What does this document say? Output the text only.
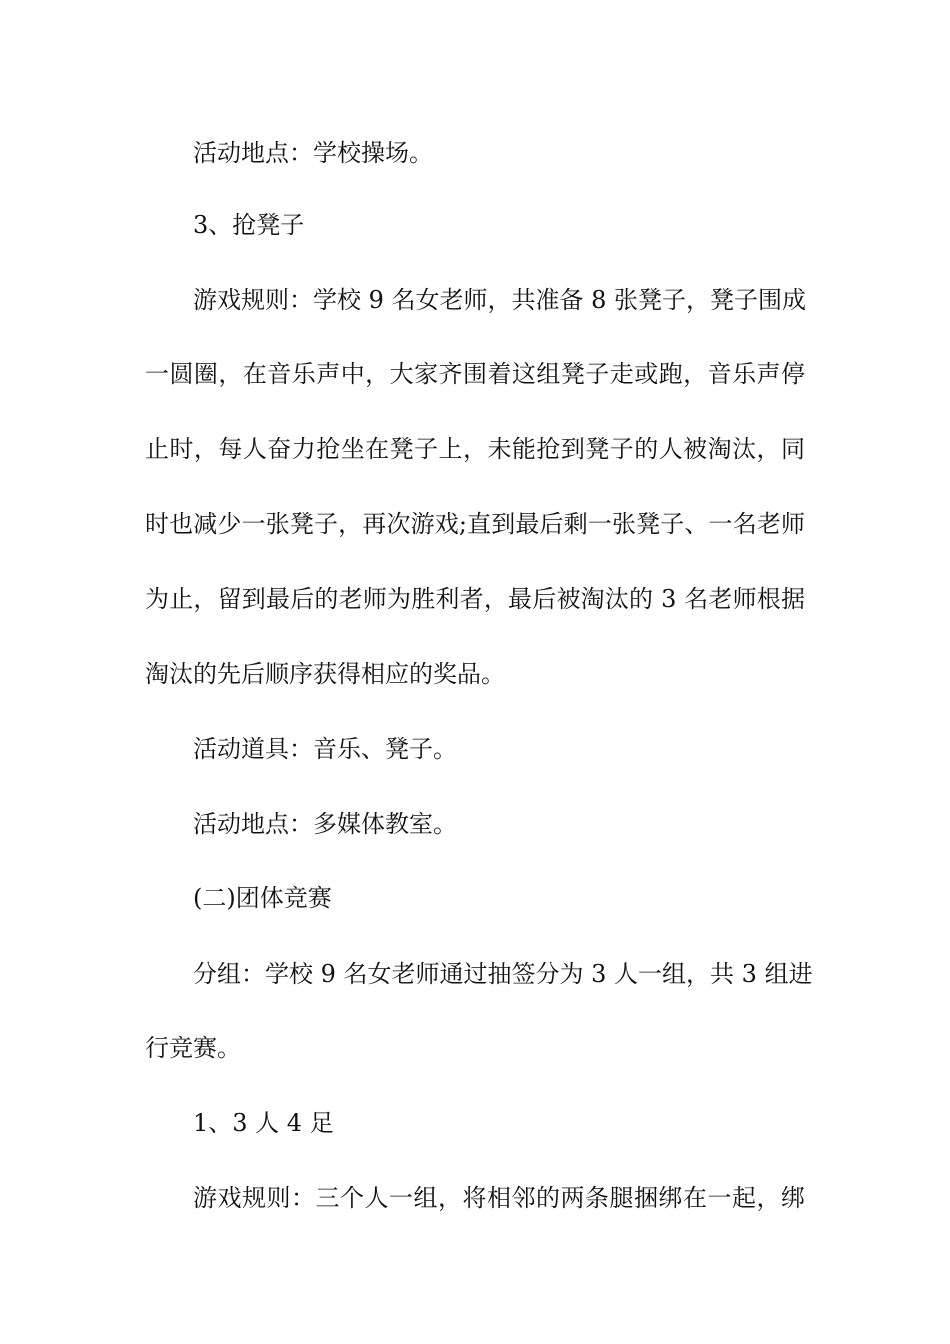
活动地点：学校操场。
3、抢凳子
游戏规则：学校 9 名女老师，共准备 8 张凳子，凳子围成
一圆圈，在音乐声中，大家齐围着这组凳子走或跑，音乐声停
止时，每人奋力抢坐在凳子上，未能抢到凳子的人被淘汰，同
时也减少一张凳子，再次游戏;直到最后剩一张凳子、一名老师
为止，留到最后的老师为胜利者，最后被淘汰的 3 名老师根据
淘汰的先后顺序获得相应的奖品。
活动道具：音乐、凳子。
活动地点：多媒体教室。
(二)团体竞赛
分组：学校 9 名女老师通过抽签分为 3 人一组，共 3 组进
行竞赛。
1、3 人 4 足
游戏规则：三个人一组，将相邻的两条腿捆绑在一起，绑
